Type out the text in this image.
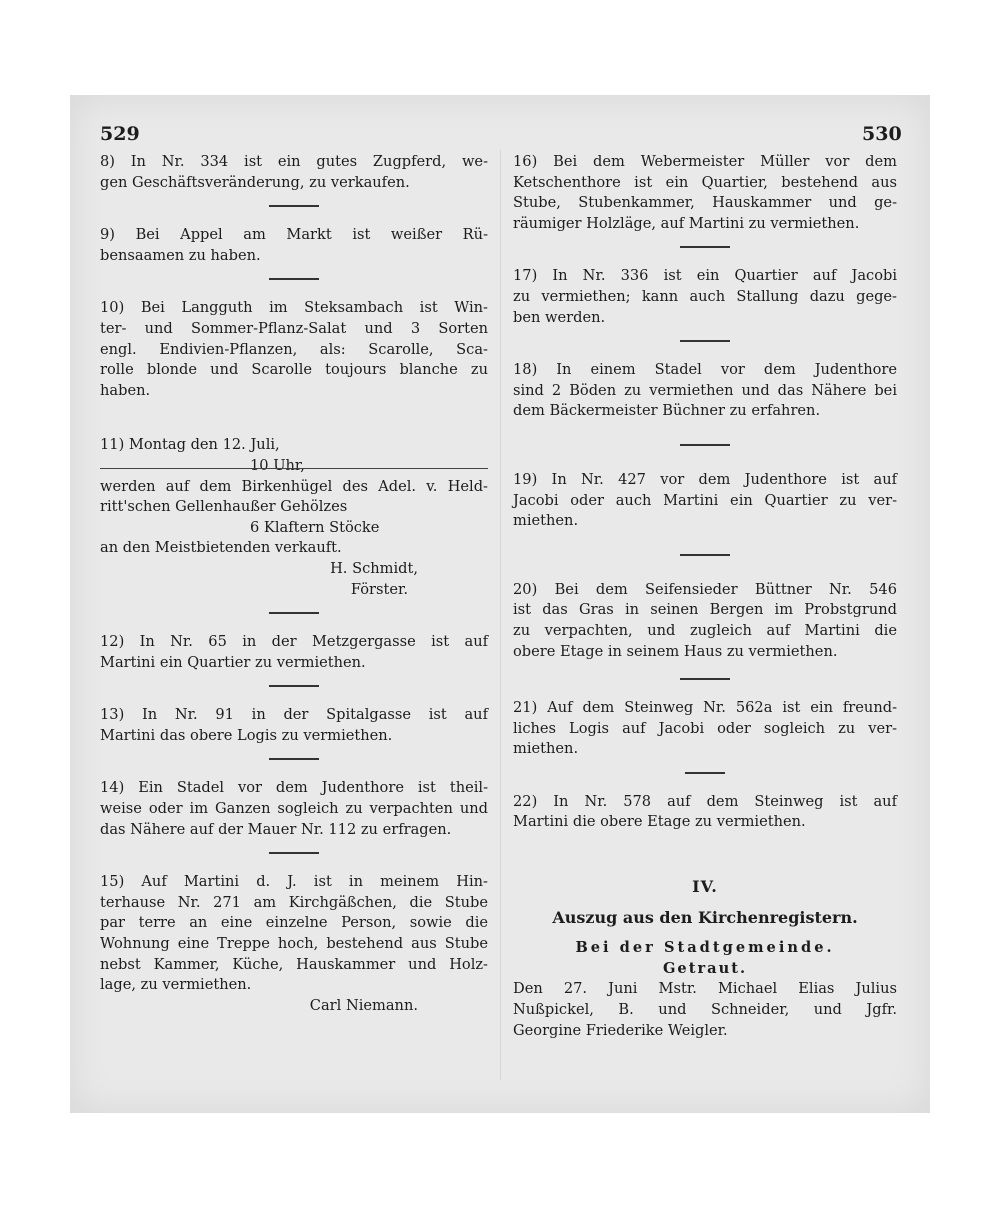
529	530
8) In Nr. 334 ist ein gutes Zugpferd, we-
gen Geschäftsveränderung, zu verkaufen.
9) Bei Appel am Markt ist weißer Rü-
bensaamen zu haben.
10) Bei Langguth im Steksambach ist Win-
ter- und Sommer-Pflanz-Salat und 3 Sorten
engl. Endivien-Pflanzen, als: Scarolle, Sca-
rolle blonde und Scarolle toujours blanche zu
haben.
11) Montag den 12. Juli,
10 Uhr,
werden auf dem Birkenhügel des Adel. v. Held-
ritt'schen Gellenhaußer Gehölzes
6 Klaftern Stöcke
an den Meistbietenden verkauft.
H. Schmidt,
Förster.
12) In Nr. 65 in der Metzgergasse ist auf
Martini ein Quartier zu vermiethen.
13) In Nr. 91 in der Spitalgasse ist auf
Martini das obere Logis zu vermiethen.
14) Ein Stadel vor dem Judenthore ist theil-
weise oder im Ganzen sogleich zu verpachten und
das Nähere auf der Mauer Nr. 112 zu erfragen.
15) Auf Martini d. J. ist in meinem Hin-
terhause Nr. 271 am Kirchgäßchen, die Stube
par terre an eine einzelne Person, sowie die
Wohnung eine Treppe hoch, bestehend aus Stube
nebst Kammer, Küche, Hauskammer und Holz-
lage, zu vermiethen.
Carl Niemann.
16) Bei dem Webermeister Müller vor dem
Ketschenthore ist ein Quartier, bestehend aus
Stube, Stubenkammer, Hauskammer und ge-
räumiger Holzläge, auf Martini zu vermiethen.
17) In Nr. 336 ist ein Quartier auf Jacobi
zu vermiethen; kann auch Stallung dazu gege-
ben werden.
18) In einem Stadel vor dem Judenthore
sind 2 Böden zu vermiethen und das Nähere bei
dem Bäckermeister Büchner zu erfahren.
19) In Nr. 427 vor dem Judenthore ist auf
Jacobi oder auch Martini ein Quartier zu ver-
miethen.
20) Bei dem Seifensieder Büttner Nr. 546
ist das Gras in seinen Bergen im Probstgrund
zu verpachten, und zugleich auf Martini die
obere Etage in seinem Haus zu vermiethen.
21) Auf dem Steinweg Nr. 562a ist ein freund-
liches Logis auf Jacobi oder sogleich zu ver-
miethen.
22) In Nr. 578 auf dem Steinweg ist auf
Martini die obere Etage zu vermiethen.
IV.
Auszug aus den Kirchenregistern.
Bei der Stadtgemeinde.
Getraut.
Den 27. Juni Mstr. Michael Elias Julius
Nußpickel, B. und Schneider, und Jgfr.
Georgine Friederike Weigler.
